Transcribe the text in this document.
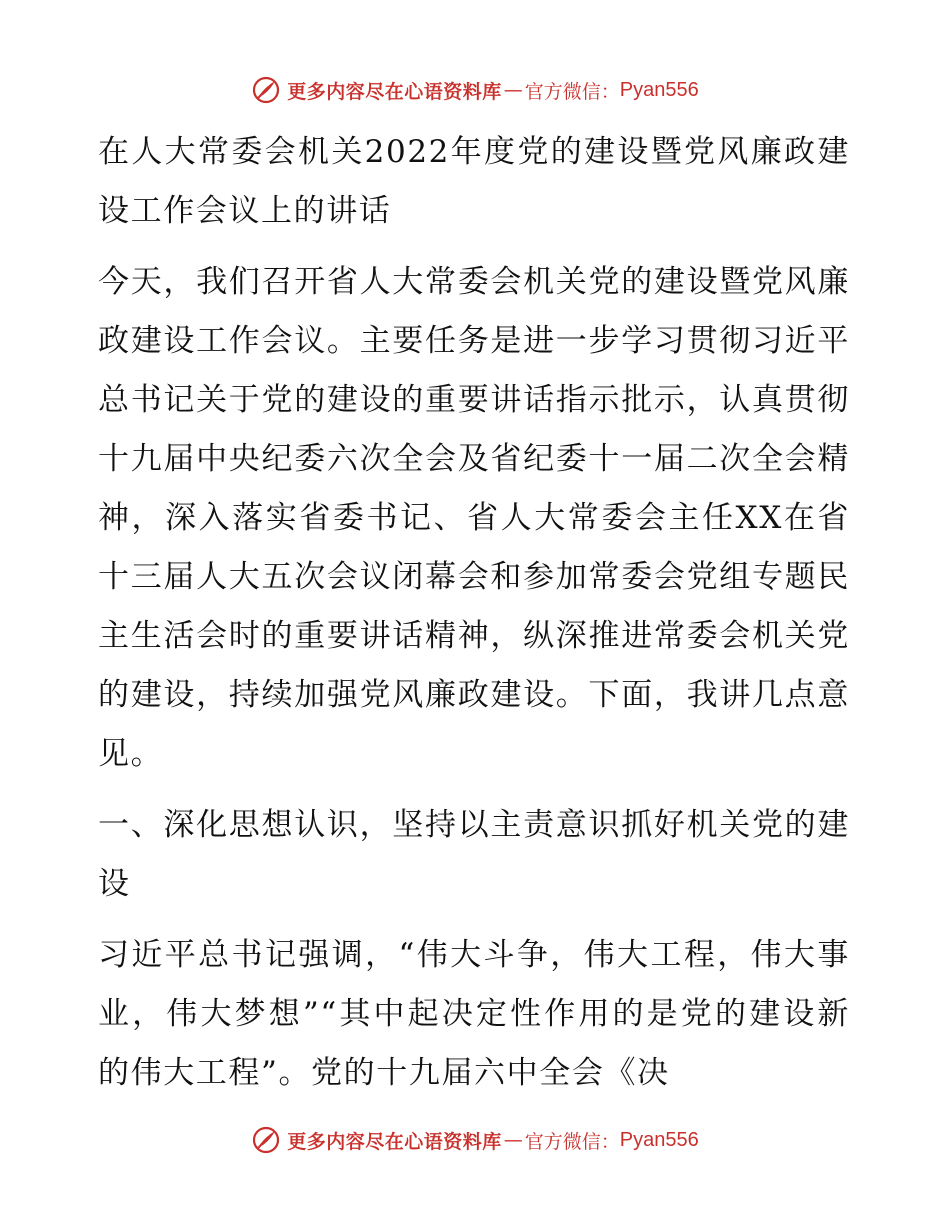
更多内容尽在心语资料库 — 官方微信： Pyan556

在人大常委会机关2022年度党的建设暨党风廉政建设工作会议上的讲话

今天，我们召开省人大常委会机关党的建设暨党风廉政建设工作会议。主要任务是进一步学习贯彻习近平总书记关于党的建设的重要讲话指示批示，认真贯彻十九届中央纪委六次全会及省纪委十一届二次全会精神，深入落实省委书记、省人大常委会主任XX在省十三届人大五次会议闭幕会和参加常委会党组专题民主生活会时的重要讲话精神，纵深推进常委会机关党的建设，持续加强党风廉政建设。下面，我讲几点意见。

一、深化思想认识，坚持以主责意识抓好机关党的建设

习近平总书记强调，“伟大斗争，伟大工程，伟大事业，伟大梦想”“其中起决定性作用的是党的建设新的伟大工程”。党的十九届六中全会《决

更多内容尽在心语资料库 — 官方微信： Pyan556
